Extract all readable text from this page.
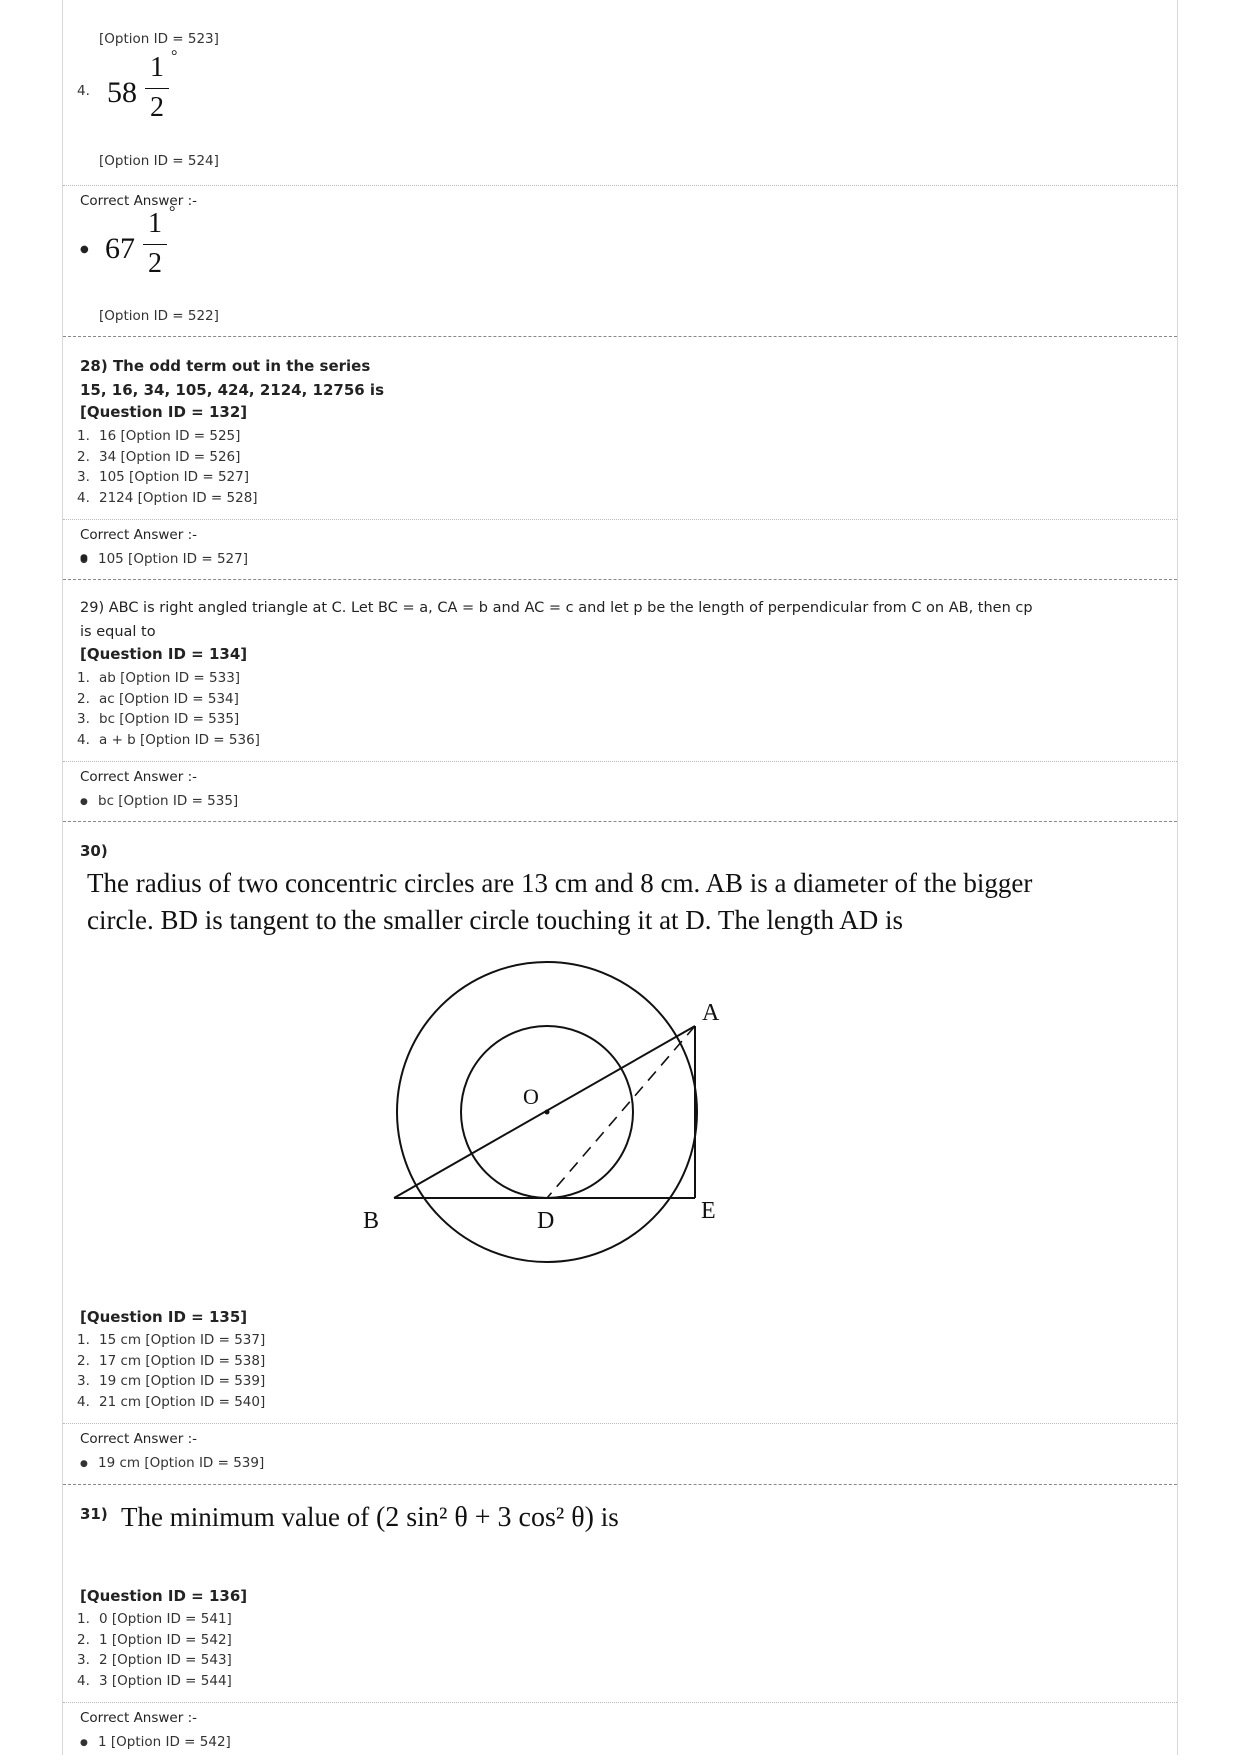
[Option ID = 523]
4. 58
1
2
°
[Option ID = 524]
Correct Answer :-
● 67
1
2
°
[Option ID = 522]
28) The odd term out in the series
15, 16, 34, 105, 424, 2124, 12756 is
[Question ID = 132]
1. 16 [Option ID = 525]
2. 34 [Option ID = 526]
3. 105 [Option ID = 527]
4. 2124 [Option ID = 528]
Correct Answer :-
● 105 [Option ID = 527]
●
29) ABC is right angled triangle at C. Let BC = a, CA = b and AC = c and let p be the length of perpendicular from C on AB, then cp
is equal to
[Question ID = 134]
1. ab [Option ID = 533]
2. ac [Option ID = 534]
3. bc [Option ID = 535]
4. a + b [Option ID = 536]
Correct Answer :-
● bc [Option ID = 535]
30)
The radius of two concentric circles are 13 cm and 8 cm. AB is a diameter of the bigger
circle. BD is tangent to the smaller circle touching it at D. The length AD is
A
O
B	D	E
[Question ID = 135]
1. 15 cm [Option ID = 537]
2. 17 cm [Option ID = 538]
3. 19 cm [Option ID = 539]
4. 21 cm [Option ID = 540]
Correct Answer :-
● 19 cm [Option ID = 539]
31) The minimum value of (2 sin² θ + 3 cos² θ) is
[Question ID = 136]
1. 0 [Option ID = 541]
2. 1 [Option ID = 542]
3. 2 [Option ID = 543]
4. 3 [Option ID = 544]
Correct Answer :-
● 1 [Option ID = 542]
